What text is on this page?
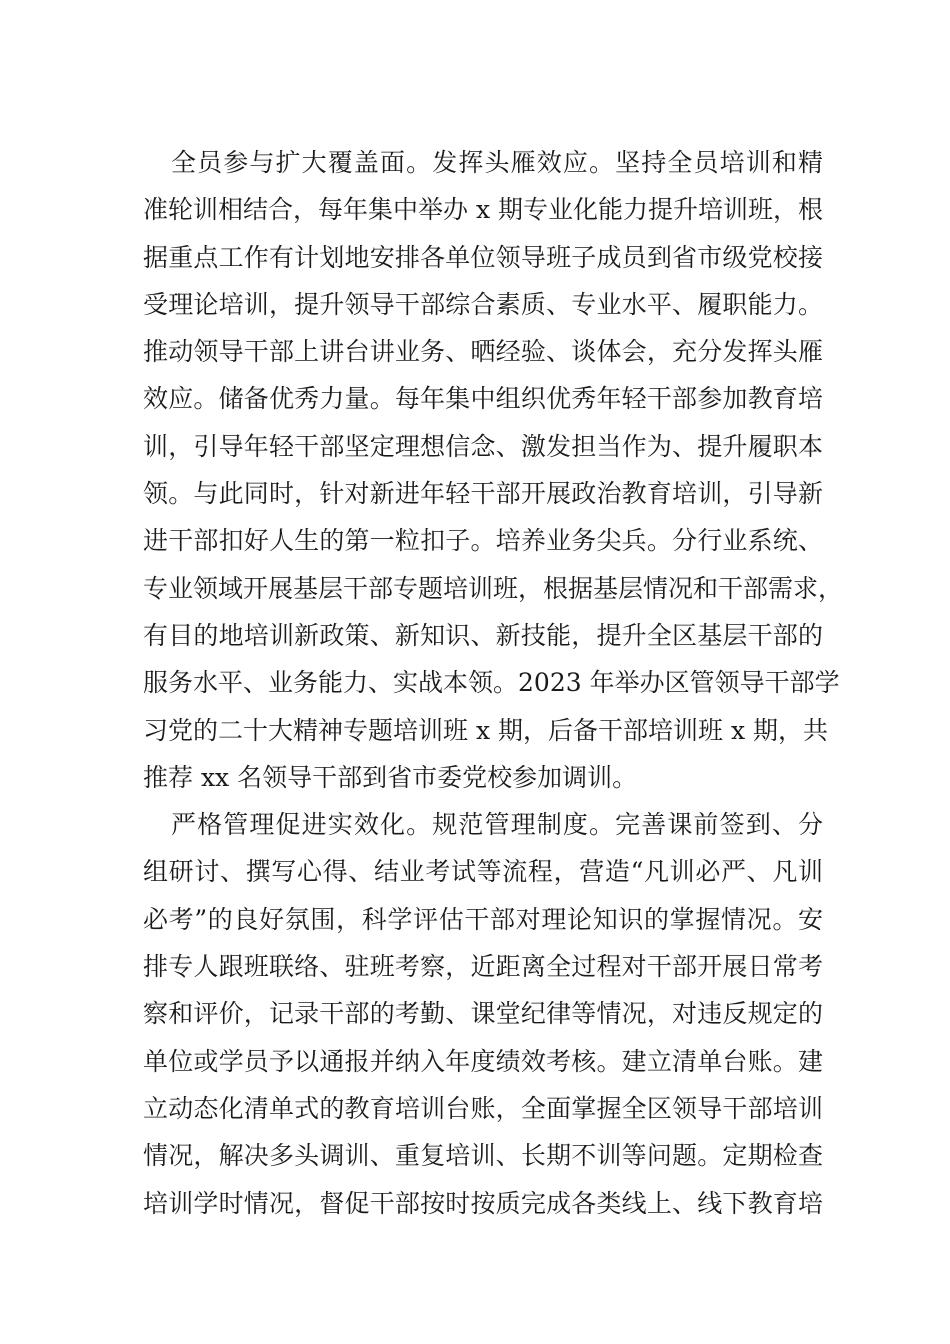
全员参与扩大覆盖面。发挥头雁效应。坚持全员培训和精
准轮训相结合，每年集中举办 x 期专业化能力提升培训班，根
据重点工作有计划地安排各单位领导班子成员到省市级党校接
受理论培训，提升领导干部综合素质、专业水平、履职能力。
推动领导干部上讲台讲业务、晒经验、谈体会，充分发挥头雁
效应。储备优秀力量。每年集中组织优秀年轻干部参加教育培
训，引导年轻干部坚定理想信念、激发担当作为、提升履职本
领。与此同时，针对新进年轻干部开展政治教育培训，引导新
进干部扣好人生的第一粒扣子。培养业务尖兵。分行业系统、
专业领域开展基层干部专题培训班，根据基层情况和干部需求，
有目的地培训新政策、新知识、新技能，提升全区基层干部的
服务水平、业务能力、实战本领。2023 年举办区管领导干部学
习党的二十大精神专题培训班 x 期，后备干部培训班 x 期，共
推荐 xx 名领导干部到省市委党校参加调训。
严格管理促进实效化。规范管理制度。完善课前签到、分
组研讨、撰写心得、结业考试等流程，营造“凡训必严、凡训
必考”的良好氛围，科学评估干部对理论知识的掌握情况。安
排专人跟班联络、驻班考察，近距离全过程对干部开展日常考
察和评价，记录干部的考勤、课堂纪律等情况，对违反规定的
单位或学员予以通报并纳入年度绩效考核。建立清单台账。建
立动态化清单式的教育培训台账，全面掌握全区领导干部培训
情况，解决多头调训、重复培训、长期不训等问题。定期检查
培训学时情况，督促干部按时按质完成各类线上、线下教育培
